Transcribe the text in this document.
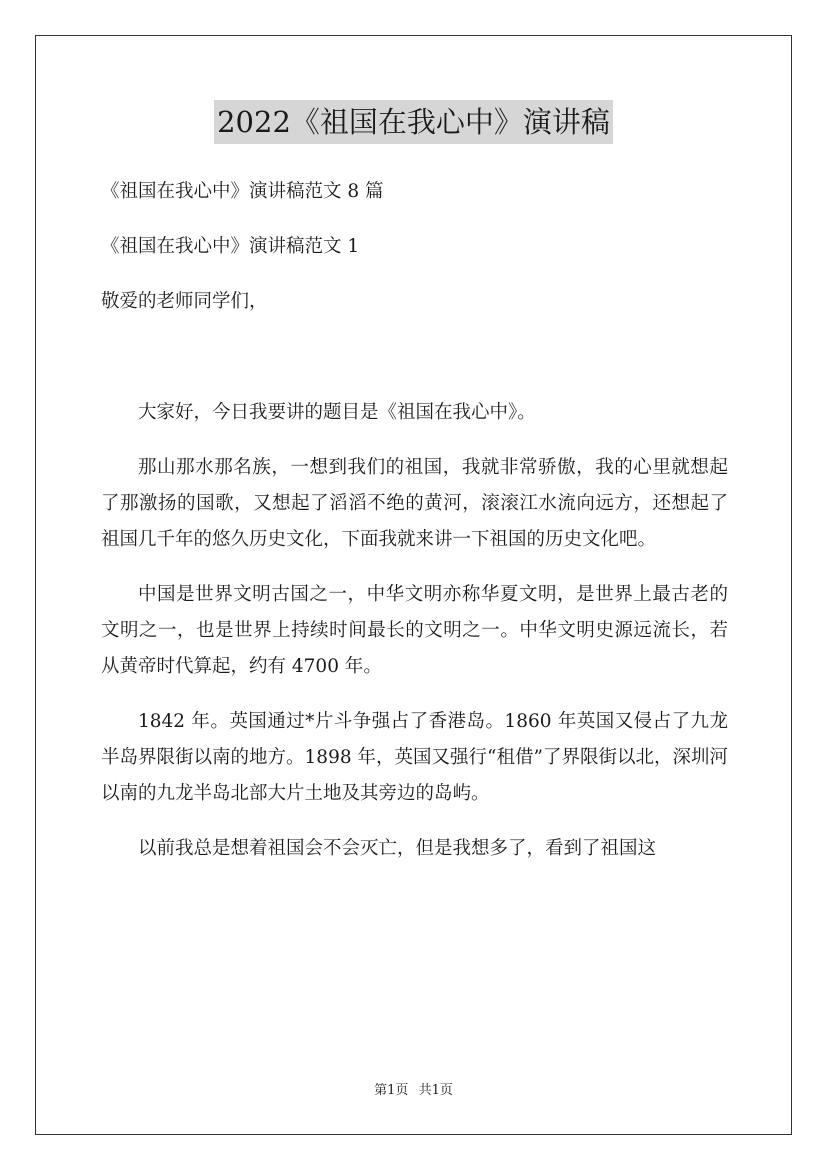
2022《祖国在我心中》演讲稿

《祖国在我心中》演讲稿范文 8 篇

《祖国在我心中》演讲稿范文 1

敬爱的老师同学们，

大家好，今日我要讲的题目是《祖国在我心中》。

那山那水那名族，一想到我们的祖国，我就非常骄傲，我的心里就想起了那激扬的国歌，又想起了滔滔不绝的黄河，滚滚江水流向远方，还想起了祖国几千年的悠久历史文化，下面我就来讲一下祖国的历史文化吧。

中国是世界文明古国之一，中华文明亦称华夏文明，是世界上最古老的文明之一，也是世界上持续时间最长的文明之一。中华文明史源远流长，若从黄帝时代算起，约有 4700 年。

1842 年。英国通过*片斗争强占了香港岛。1860 年英国又侵占了九龙半岛界限街以南的地方。1898 年，英国又强行“租借”了界限街以北，深圳河以南的九龙半岛北部大片土地及其旁边的岛屿。

以前我总是想着祖国会不会灭亡，但是我想多了，看到了祖国这

第1页 共1页
